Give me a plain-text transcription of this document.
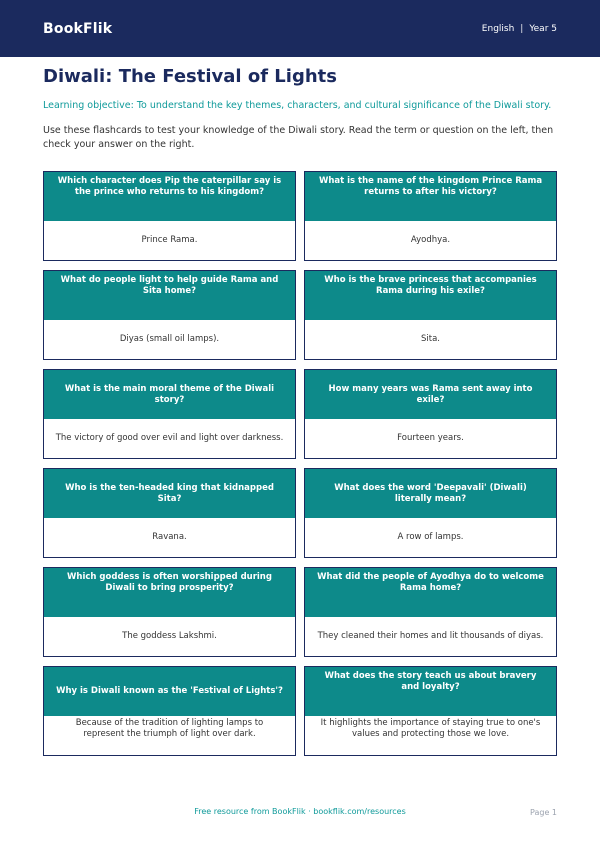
BookFlik	English | Year 5
Diwali: The Festival of Lights

Learning objective: To understand the key themes, characters, and cultural significance of the Diwali story.

Use these flashcards to test your knowledge of the Diwali story. Read the term or question on the left, then check your answer on the right.

Which character does Pip the caterpillar say is the prince who returns to his kingdom?
Prince Rama.
What is the name of the kingdom Prince Rama returns to after his victory?
Ayodhya.
What do people light to help guide Rama and Sita home?
Diyas (small oil lamps).
Who is the brave princess that accompanies Rama during his exile?
Sita.
What is the main moral theme of the Diwali story?
The victory of good over evil and light over darkness.
How many years was Rama sent away into exile?
Fourteen years.
Who is the ten-headed king that kidnapped Sita?
Ravana.
What does the word 'Deepavali' (Diwali) literally mean?
A row of lamps.
Which goddess is often worshipped during Diwali to bring prosperity?
The goddess Lakshmi.
What did the people of Ayodhya do to welcome Rama home?
They cleaned their homes and lit thousands of diyas.
Why is Diwali known as the 'Festival of Lights'?
Because of the tradition of lighting lamps to represent the triumph of light over dark.
What does the story teach us about bravery and loyalty?
It highlights the importance of staying true to one's values and protecting those we love.
Free resource from BookFlik · bookflik.com/resources	Page 1
